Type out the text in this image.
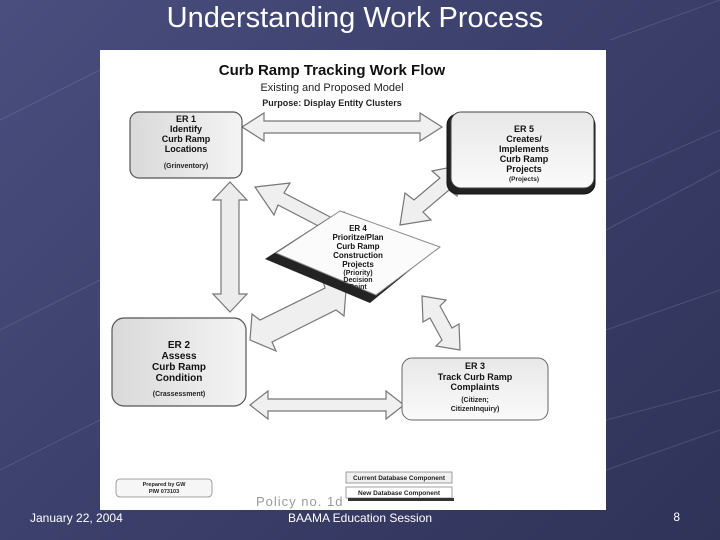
Understanding Work Process
Curb Ramp Tracking Work Flow
Existing and Proposed Model
Purpose: Display Entity Clusters
ER 1
Identify
Curb Ramp
Locations
(Grinventory)
ER 5
Creates/
Implements
Curb Ramp
Projects
(Projects)
ER 4
Prioritze/Plan
Curb Ramp
Construction
Projects
(Priority)
Decision
Point
ER 2
Assess
Curb Ramp
Condition
(Crassessment)
ER 3
Track Curb Ramp
Complaints
(Citizen;
CitizenInquiry)
Prepared by GW
PIW 073103
Current Database Component
New Database Component
Policy no. 1d
January 22, 2004	BAAMA Education Session	8
